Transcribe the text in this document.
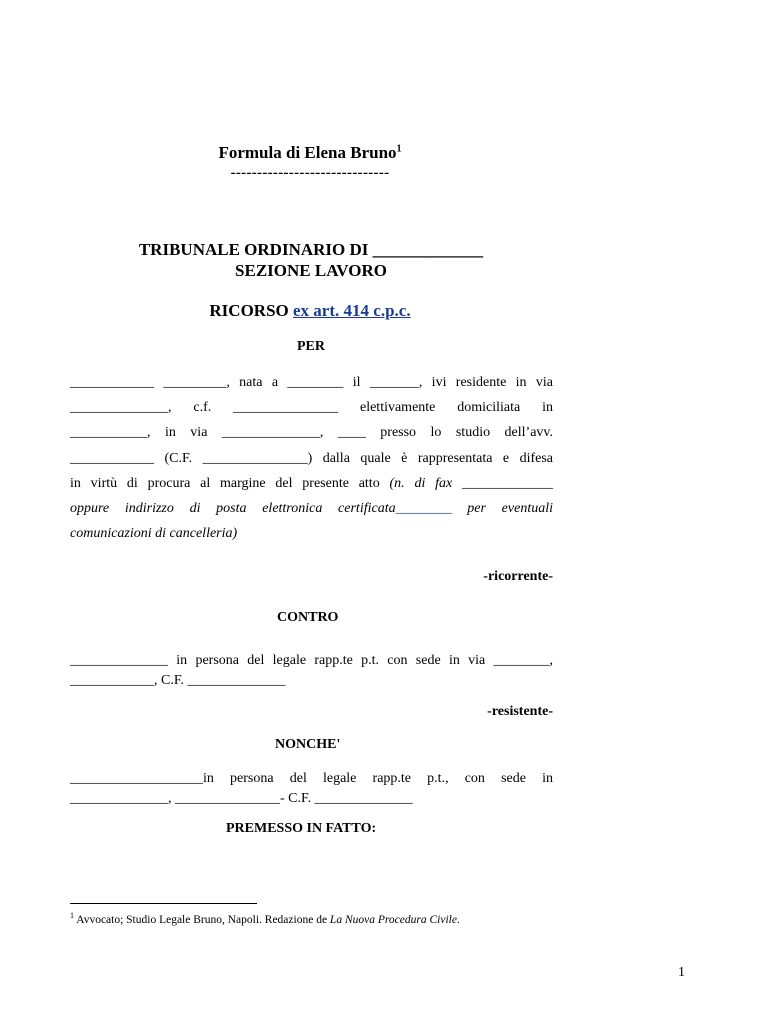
Formula di Elena Bruno$^1$
------------------------------
TRIBUNALE ORDINARIO DI _____________
SEZIONE LAVORO
RICORSO ex art. 414 c.p.c.
PER
____________ _________, nata a ________ il _______, ivi residente in via
______________, c.f. _______________ elettivamente domiciliata in
___________, in via ______________, ____ presso lo studio dell’avv.
____________ (C.F. _______________) dalla quale è rappresentata e difesa
in virtù di procura al margine del presente atto (n. di fax _____________
oppure indirizzo di posta elettronica certificata________ per eventuali
comunicazioni di cancelleria)
-ricorrente-
CONTRO
______________ in persona del legale rapp.te p.t. con sede in via ________,
____________, C.F. ______________
-resistente-
NONCHE'
___________________in persona del legale rapp.te p.t., con sede in
______________, _______________- C.F. ______________
PREMESSO IN FATTO:
$^1$ Avvocato; Studio Legale Bruno, Napoli. Redazione de La Nuova Procedura Civile.
1
